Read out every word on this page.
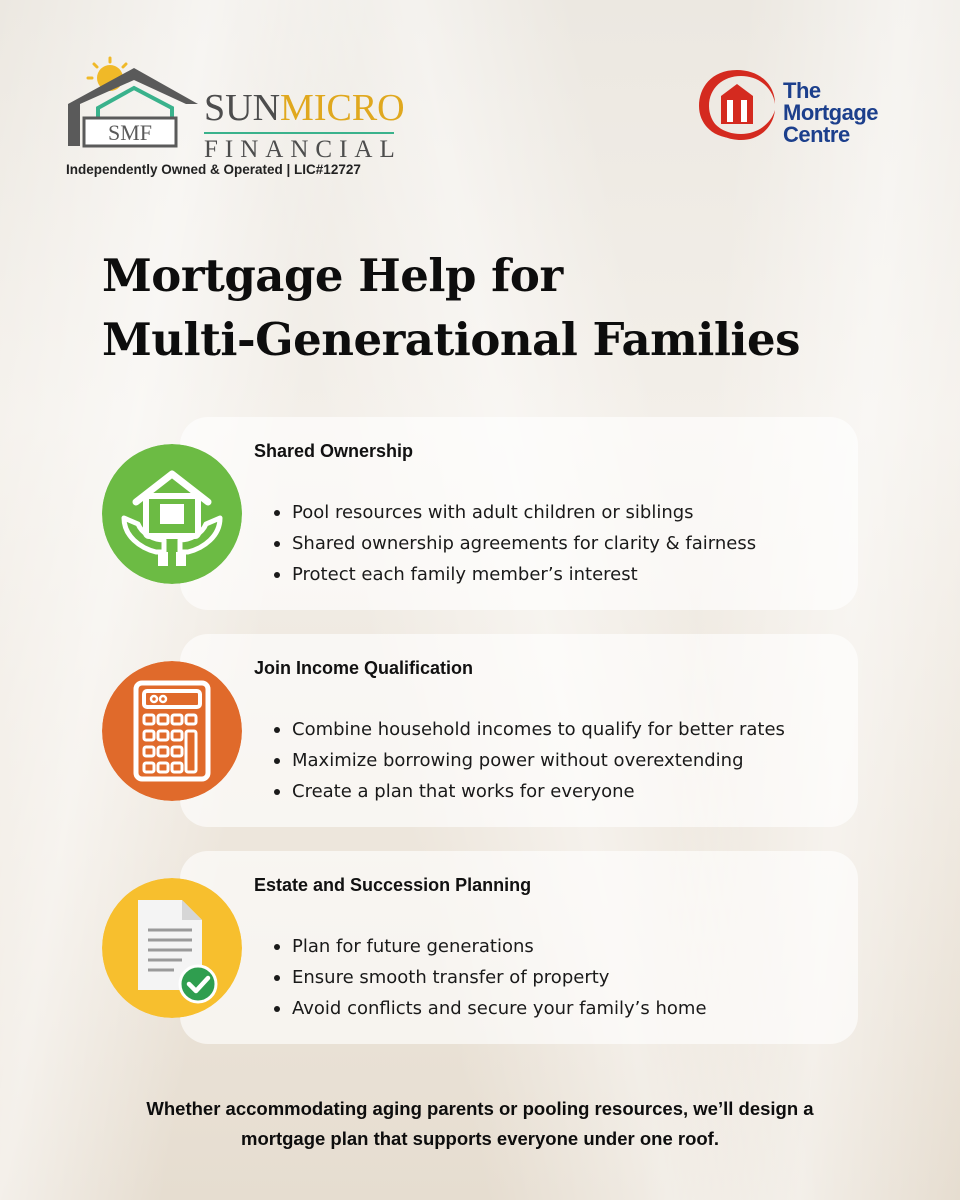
SMF
SUNMICRO
FINANCIAL
Independently Owned & Operated | LIC#12727
The
Mortgage
Centre
Mortgage Help for
Multi-Generational Families
Shared Ownership
Pool resources with adult children or siblings
Shared ownership agreements for clarity & fairness
Protect each family member’s interest
Join Income Qualification
Combine household incomes to qualify for better rates
Maximize borrowing power without overextending
Create a plan that works for everyone
Estate and Succession Planning
Plan for future generations
Ensure smooth transfer of property
Avoid conflicts and secure your family’s home
Whether accommodating aging parents or pooling resources, we’ll design a
mortgage plan that supports everyone under one roof.
